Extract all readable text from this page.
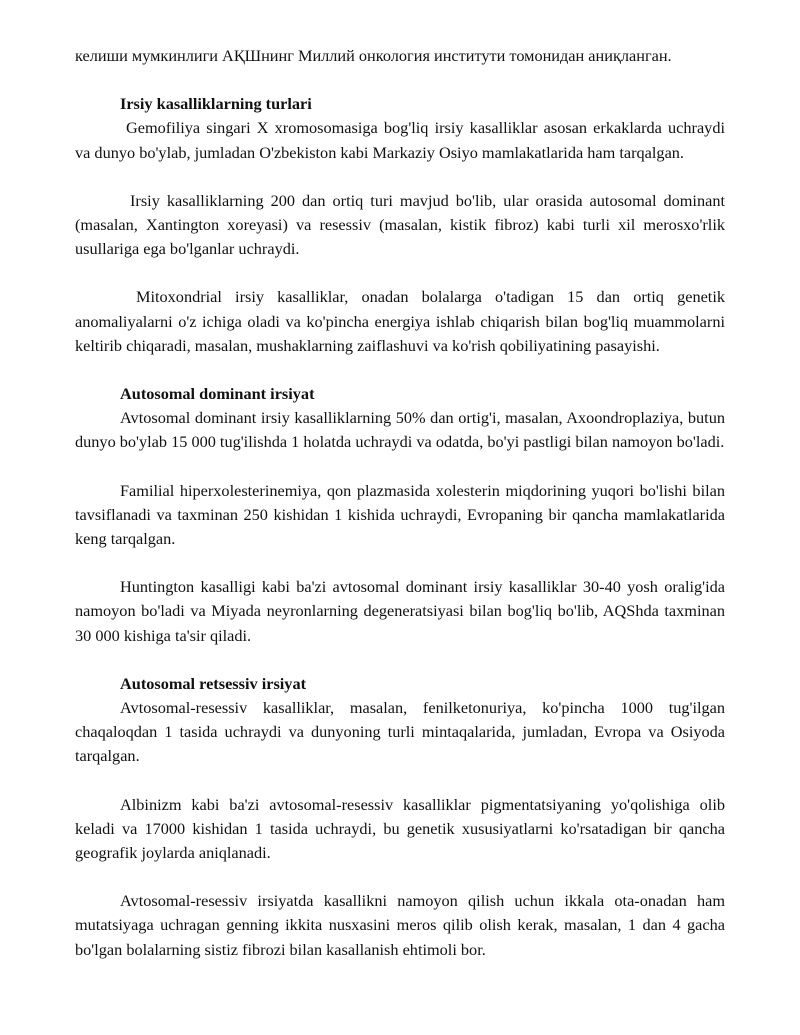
келиши мумкинлиги АҚШнинг Миллий онкология институти томонидан аниқланган.

Irsiy kasalliklarning turlari

Gemofiliya singari X xromosomasiga bog'liq irsiy kasalliklar asosan erkaklarda uchraydi va dunyo bo'ylab, jumladan O'zbekiston kabi Markaziy Osiyo mamlakatlarida ham tarqalgan.

Irsiy kasalliklarning 200 dan ortiq turi mavjud bo'lib, ular orasida autosomal dominant (masalan, Xantington xoreyasi) va resessiv (masalan, kistik fibroz) kabi turli xil merosxo'rlik usullariga ega bo'lganlar uchraydi.

Mitoxondrial irsiy kasalliklar, onadan bolalarga o'tadigan 15 dan ortiq genetik anomaliyalarni o'z ichiga oladi va ko'pincha energiya ishlab chiqarish bilan bog'liq muammolarni keltirib chiqaradi, masalan, mushaklarning zaiflashuvi va ko'rish qobiliyatining pasayishi.

Autosomal dominant irsiyat

Avtosomal dominant irsiy kasalliklarning 50% dan ortig'i, masalan, Axoondroplaziya, butun dunyo bo'ylab 15 000 tug'ilishda 1 holatda uchraydi va odatda, bo'yi pastligi bilan namoyon bo'ladi.

Familial hiperxolesterinemiya, qon plazmasida xolesterin miqdorining yuqori bo'lishi bilan tavsiflanadi va taxminan 250 kishidan 1 kishida uchraydi, Evropaning bir qancha mamlakatlarida keng tarqalgan.

Huntington kasalligi kabi ba'zi avtosomal dominant irsiy kasalliklar 30-40 yosh oralig'ida namoyon bo'ladi va Miyada neyronlarning degeneratsiyasi bilan bog'liq bo'lib, AQShda taxminan 30 000 kishiga ta'sir qiladi.

Autosomal retsessiv irsiyat

Avtosomal-resessiv kasalliklar, masalan, fenilketonuriya, ko'pincha 1000 tug'ilgan chaqaloqdan 1 tasida uchraydi va dunyoning turli mintaqalarida, jumladan, Evropa va Osiyoda tarqalgan.

Albinizm kabi ba'zi avtosomal-resessiv kasalliklar pigmentatsiyaning yo'qolishiga olib keladi va 17000 kishidan 1 tasida uchraydi, bu genetik xususiyatlarni ko'rsatadigan bir qancha geografik joylarda aniqlanadi.

Avtosomal-resessiv irsiyatda kasallikni namoyon qilish uchun ikkala ota-onadan ham mutatsiyaga uchragan genning ikkita nusxasini meros qilib olish kerak, masalan, 1 dan 4 gacha bo'lgan bolalarning sistiz fibrozi bilan kasallanish ehtimoli bor.
